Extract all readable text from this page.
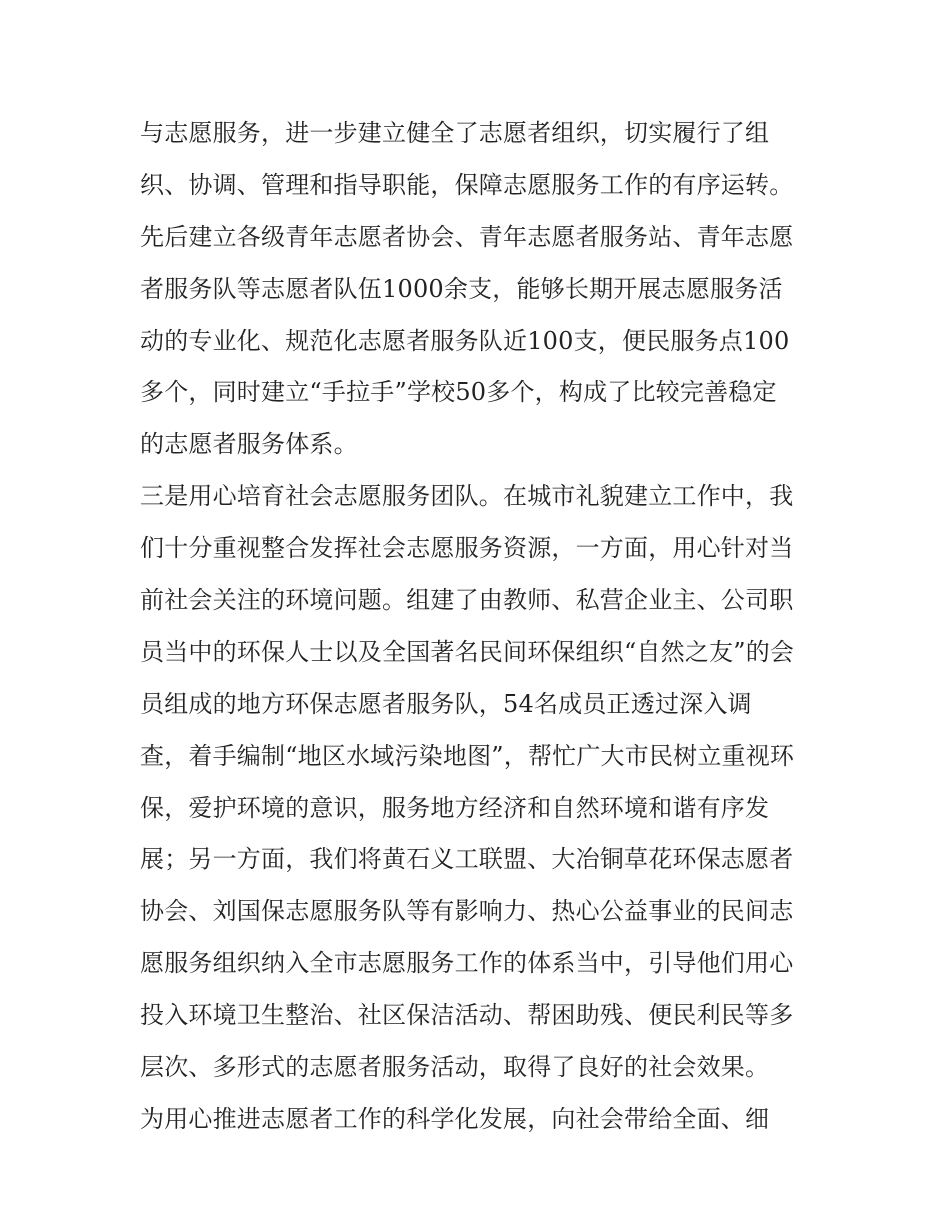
与志愿服务，进一步建立健全了志愿者组织，切实履行了组
织、协调、管理和指导职能，保障志愿服务工作的有序运转。
先后建立各级青年志愿者协会、青年志愿者服务站、青年志愿
者服务队等志愿者队伍1000余支，能够长期开展志愿服务活
动的专业化、规范化志愿者服务队近100支，便民服务点100
多个，同时建立“手拉手”学校50多个，构成了比较完善稳定
的志愿者服务体系。
三是用心培育社会志愿服务团队。在城市礼貌建立工作中，我
们十分重视整合发挥社会志愿服务资源，一方面，用心针对当
前社会关注的环境问题。组建了由教师、私营企业主、公司职
员当中的环保人士以及全国著名民间环保组织“自然之友”的会
员组成的地方环保志愿者服务队，54名成员正透过深入调
查，着手编制“地区水域污染地图”，帮忙广大市民树立重视环
保，爱护环境的意识，服务地方经济和自然环境和谐有序发
展；另一方面，我们将黄石义工联盟、大冶铜草花环保志愿者
协会、刘国保志愿服务队等有影响力、热心公益事业的民间志
愿服务组织纳入全市志愿服务工作的体系当中，引导他们用心
投入环境卫生整治、社区保洁活动、帮困助残、便民利民等多
层次、多形式的志愿者服务活动，取得了良好的社会效果。
为用心推进志愿者工作的科学化发展，向社会带给全面、细
